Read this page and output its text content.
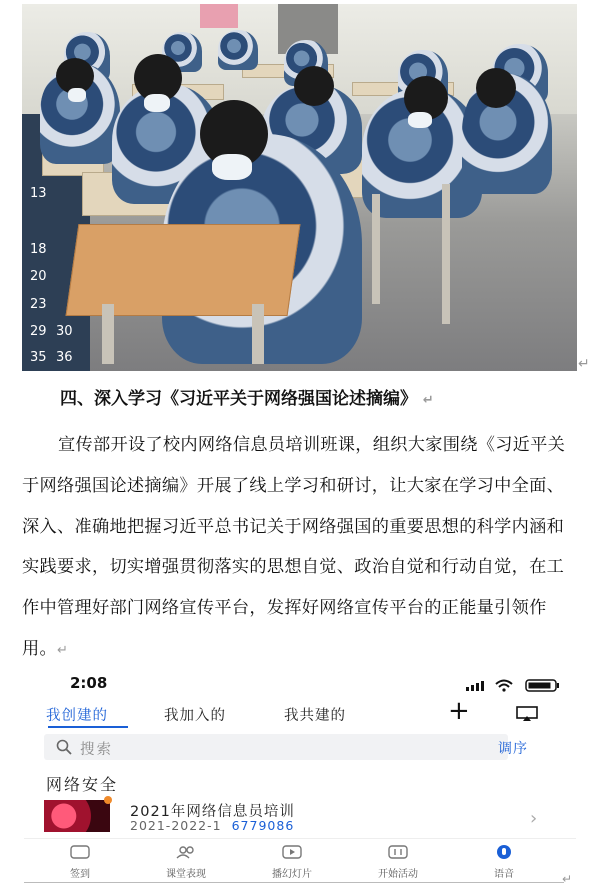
13
18
20
23
29 30
35 36	↵
四、深入学习《习近平关于网络强国论述摘编》 ↵

宣传部开设了校内网络信息员培训班课，组织大家围绕《习近平关于网络强国论述摘编》开展了线上学习和研讨，让大家在学习中全面、深入、准确地把握习近平总书记关于网络强国的重要思想的科学内涵和实践要求，切实增强贯彻落实的思想自觉、政治自觉和行动自觉，在工作中管理好部门网络宣传平台，发挥好网络宣传平台的正能量引领作用。↵

2:08
我创建的	我加入的	我共建的	+
搜索	调序
网络安全
2021年网络信息员培训
2021-2022-1 6779086	›
签到	课堂表现	播幻灯片	开始活动	语音	↵
